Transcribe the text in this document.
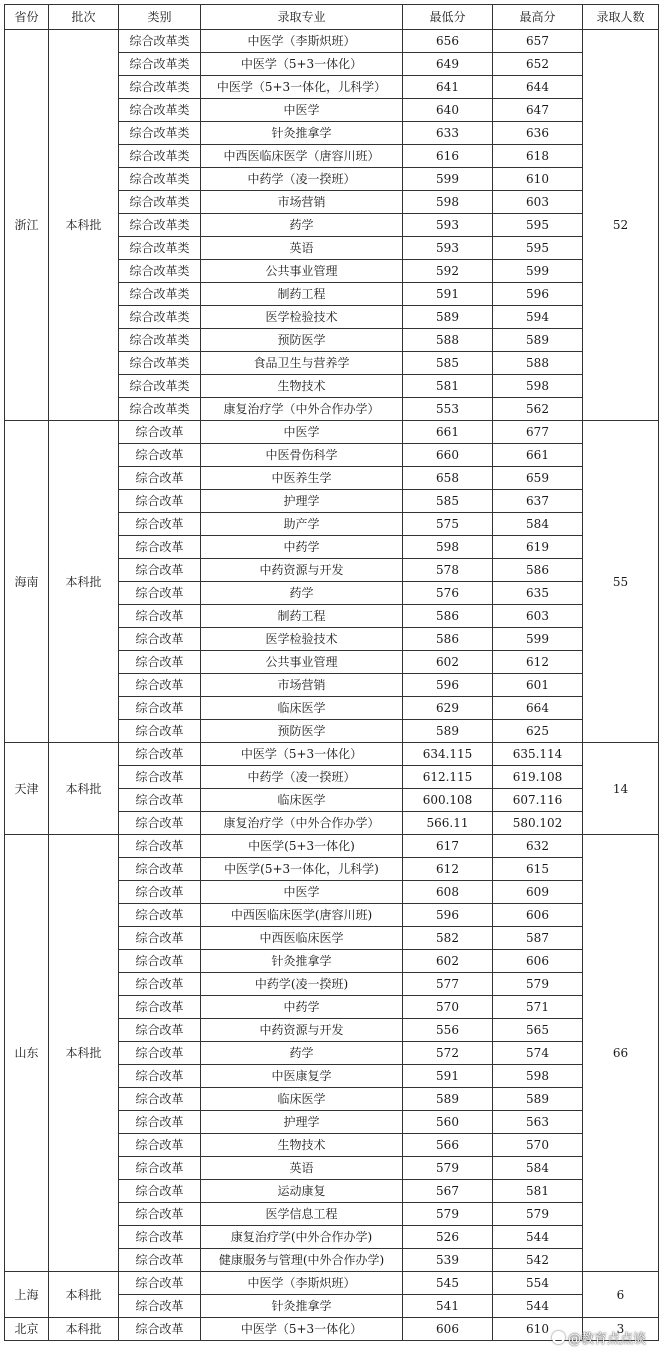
省份	批次	类别	录取专业	最低分	最高分	录取人数
浙江	本科批	综合改革类	中医学（李斯炽班）	656	657	52
		综合改革类	中医学（5+3一体化）	649	652	
		综合改革类	中医学（5+3一体化，儿科学）	641	644	
		综合改革类	中医学	640	647	
		综合改革类	针灸推拿学	633	636	
		综合改革类	中西医临床医学（唐容川班）	616	618	
		综合改革类	中药学（凌一揆班）	599	610	
		综合改革类	市场营销	598	603	
		综合改革类	药学	593	595	
		综合改革类	英语	593	595	
		综合改革类	公共事业管理	592	599	
		综合改革类	制药工程	591	596	
		综合改革类	医学检验技术	589	594	
		综合改革类	预防医学	588	589	
		综合改革类	食品卫生与营养学	585	588	
		综合改革类	生物技术	581	598	
		综合改革类	康复治疗学（中外合作办学）	553	562	
海南	本科批	综合改革	中医学	661	677	55
		综合改革	中医骨伤科学	660	661	
		综合改革	中医养生学	658	659	
		综合改革	护理学	585	637	
		综合改革	助产学	575	584	
		综合改革	中药学	598	619	
		综合改革	中药资源与开发	578	586	
		综合改革	药学	576	635	
		综合改革	制药工程	586	603	
		综合改革	医学检验技术	586	599	
		综合改革	公共事业管理	602	612	
		综合改革	市场营销	596	601	
		综合改革	临床医学	629	664	
		综合改革	预防医学	589	625	
天津	本科批	综合改革	中医学（5+3一体化）	634.115	635.114	14
		综合改革	中药学（凌一揆班）	612.115	619.108	
		综合改革	临床医学	600.108	607.116	
		综合改革	康复治疗学（中外合作办学）	566.11	580.102	
山东	本科批	综合改革	中医学(5+3一体化)	617	632	66
		综合改革	中医学(5+3一体化，儿科学)	612	615	
		综合改革	中医学	608	609	
		综合改革	中西医临床医学(唐容川班)	596	606	
		综合改革	中西医临床医学	582	587	
		综合改革	针灸推拿学	602	606	
		综合改革	中药学(凌一揆班)	577	579	
		综合改革	中药学	570	571	
		综合改革	中药资源与开发	556	565	
		综合改革	药学	572	574	
		综合改革	中医康复学	591	598	
		综合改革	临床医学	589	589	
		综合改革	护理学	560	563	
		综合改革	生物技术	566	570	
		综合改革	英语	579	584	
		综合改革	运动康复	567	581	
		综合改革	医学信息工程	579	579	
		综合改革	康复治疗学(中外合作办学)	526	544	
		综合改革	健康服务与管理(中外合作办学)	539	542	
上海	本科批	综合改革	中医学（李斯炽班）	545	554	6
		综合改革	针灸推拿学	541	544	
北京	本科批	综合改革	中医学（5+3一体化）	606	610	3
@教育点点谈
